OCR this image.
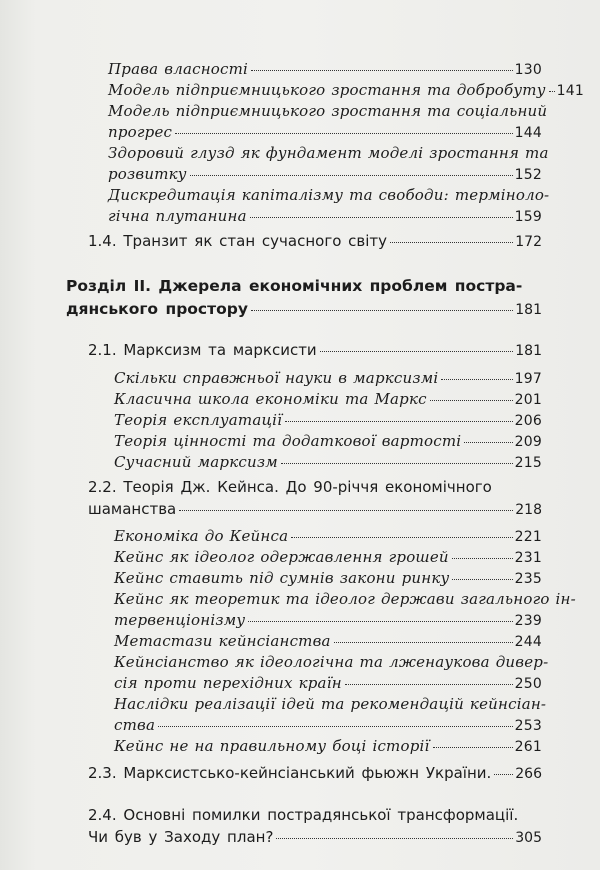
Права власності	130
Модель підприємницького зростання та добробуту 141
Модель підприємницького зростання та соціальний
прогрес	144
Здоровий глузд як фундамент моделі зростання та
розвитку	152
Дискредитація капіталізму та свободи: терміноло-
гічна плутанина	159
1.4. Транзит як стан сучасного світу	172
Розділ ІІ. Джерела економічних проблем пострa-
дянського простору	181
2.1. Марксизм та марксисти	181
Скільки справжньої науки в марксизмі	197
Класична школа економіки та Маркс	201
Теорія експлуатації	206
Теорія цінності та додаткової вартості	209
Сучасний марксизм	215
2.2. Теорія Дж. Кейнса. До 90-річчя економічного
шаманства	218
Економіка до Кейнса	221
Кейнс як ідеолог одержавлення грошей	231
Кейнс ставить під сумнів закони ринку	235
Кейнс як теоретик та ідеолог держави загального ін-
тервенціонізму	239
Метастази кейнсіанства	244
Кейнсіанство як ідеологічна та лженаукова дивер-
сія проти перехідних країн	250
Наслідки реалізації ідей та рекомендацій кейнсіан-
ства	253
Кейнс не на правильному боці історії	261
2.3. Марксистсько-кейнсіанський фьюжн України. 266
2.4. Основні помилки пострадянської трансформації.
Чи був у Заходу план?	305
